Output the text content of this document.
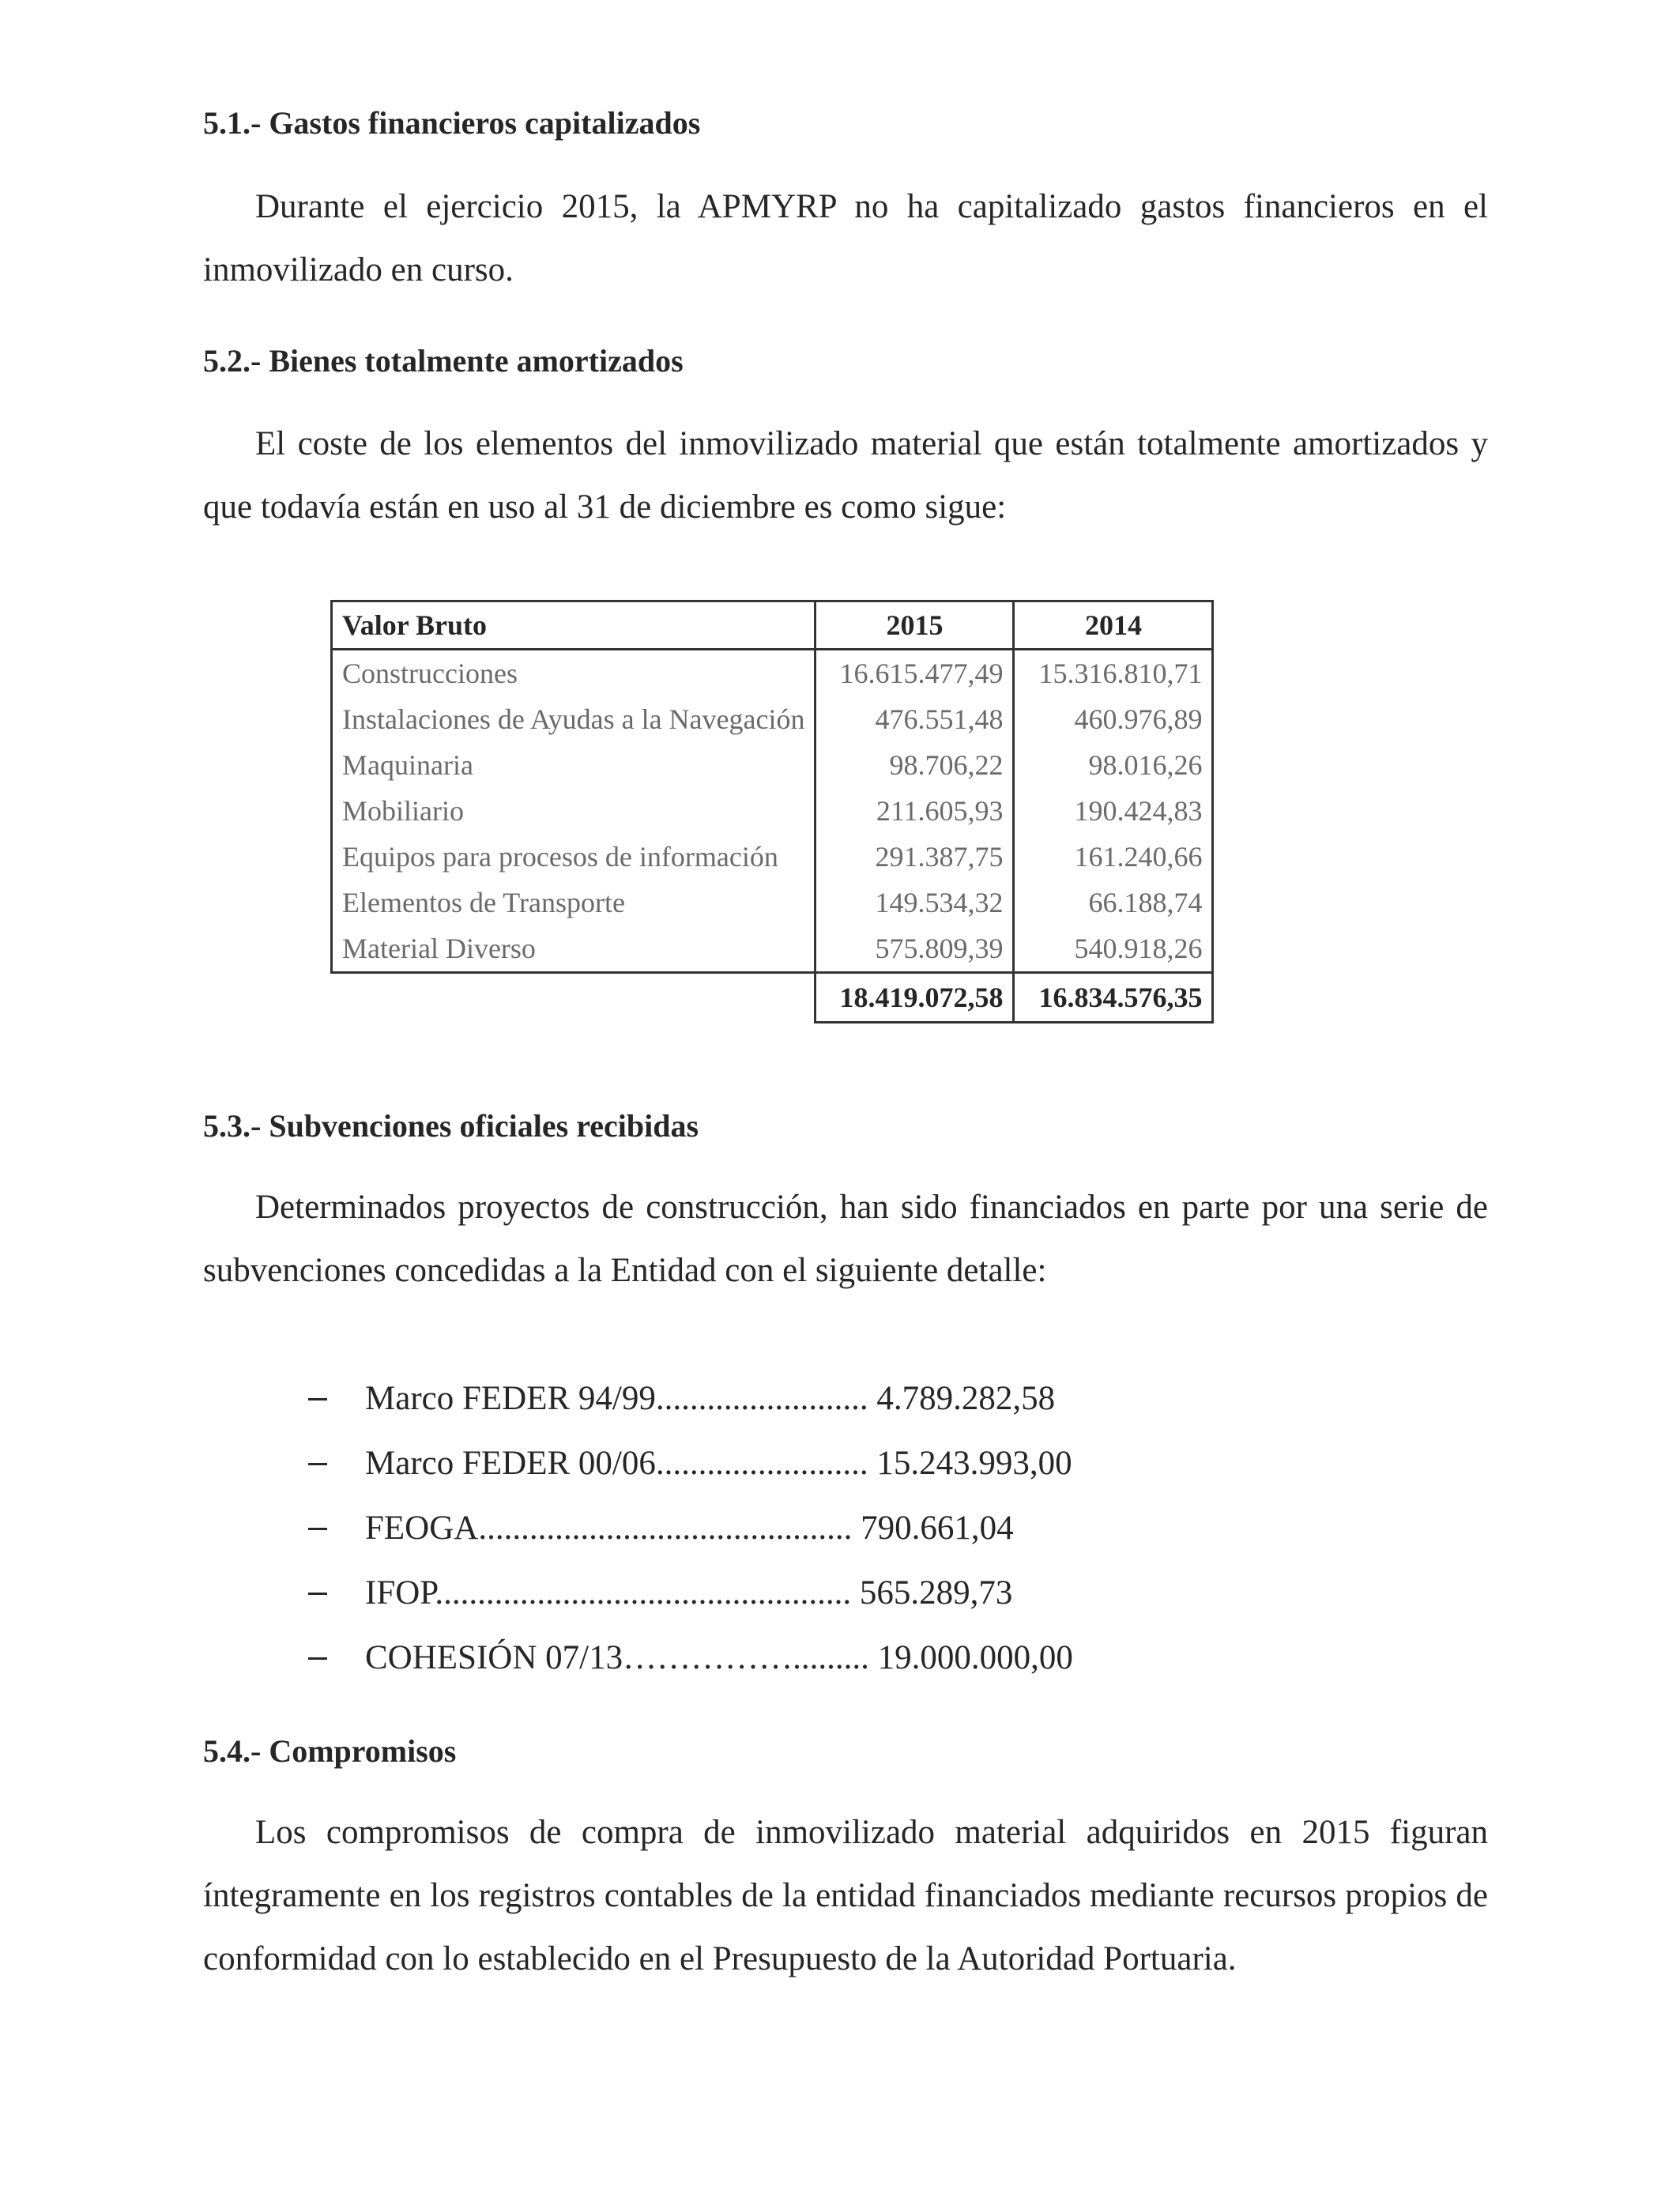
5.1.- Gastos financieros capitalizados

Durante el ejercicio 2015, la APMYRP no ha capitalizado gastos financieros en el inmovilizado en curso.

5.2.- Bienes totalmente amortizados

El coste de los elementos del inmovilizado material que están totalmente amortizados y que todavía están en uso al 31 de diciembre es como sigue:

Valor Bruto	2015	2014
Construcciones	16.615.477,49	15.316.810,71
Instalaciones de Ayudas a la Navegación	476.551,48	460.976,89
Maquinaria	98.706,22	98.016,26
Mobiliario	211.605,93	190.424,83
Equipos para procesos de información	291.387,75	161.240,66
Elementos de Transporte	149.534,32	66.188,74
Material Diverso	575.809,39	540.918,26
	18.419.072,58	16.834.576,35
5.3.- Subvenciones oficiales recibidas

Determinados proyectos de construcción, han sido financiados en parte por una serie de subvenciones concedidas a la Entidad con el siguiente detalle:

Marco FEDER 94/99......................... 4.789.282,58
Marco FEDER 00/06......................... 15.243.993,00
FEOGA............................................ 790.661,04
IFOP................................................. 565.289,73
COHESIÓN 07/13……………......... 19.000.000,00
5.4.- Compromisos

Los compromisos de compra de inmovilizado material adquiridos en 2015 figuran íntegramente en los registros contables de la entidad financiados mediante recursos propios de conformidad con lo establecido en el Presupuesto de la Autoridad Portuaria.
